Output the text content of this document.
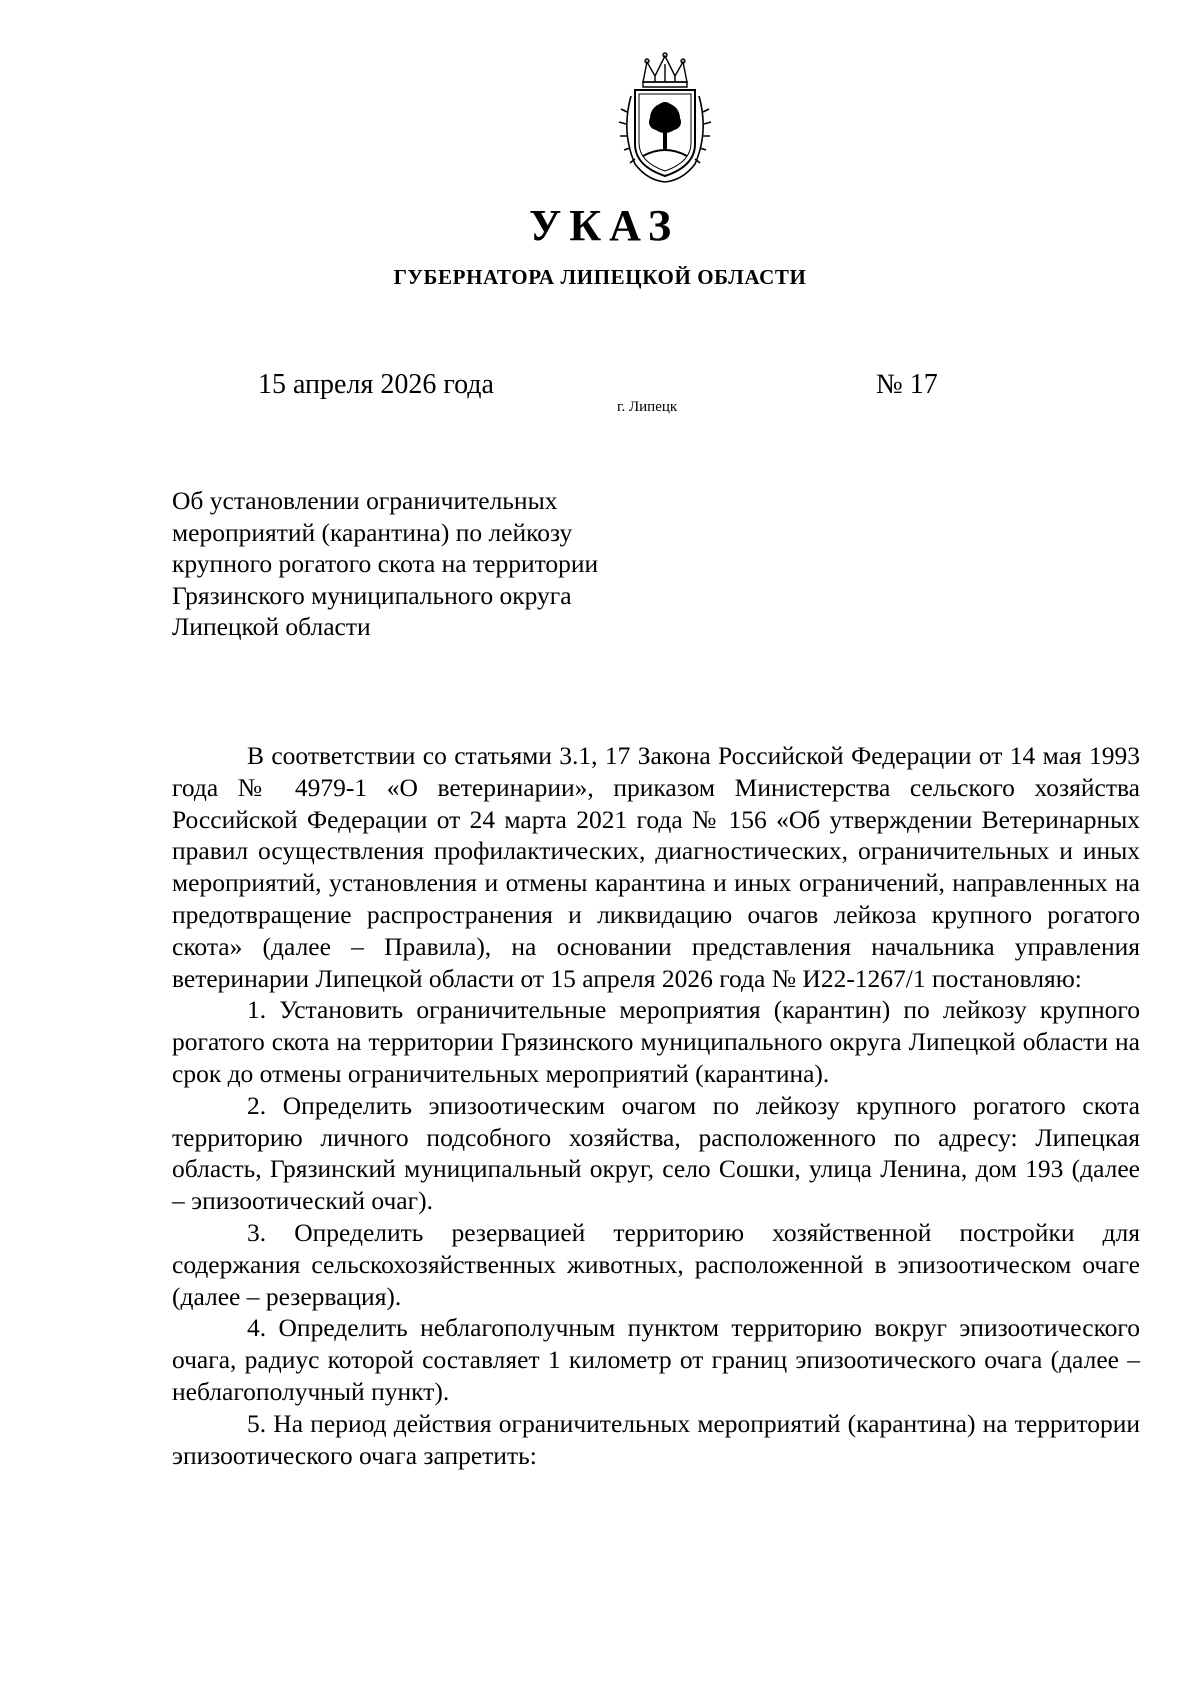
УКАЗ
ГУБЕРНАТОРА ЛИПЕЦКОЙ ОБЛАСТИ
15 апреля 2026 года
г. Липецк
№ 17
Об установлении ограничительных
мероприятий (карантина) по лейкозу
крупного рогатого скота на территории
Грязинского муниципального округа
Липецкой области

В соответствии со статьями 3.1, 17 Закона Российской Федерации от 14 мая 1993 года № 4979-1 «О ветеринарии», приказом Министерства сельского хозяйства Российской Федерации от 24 марта 2021 года № 156 «Об утверждении Ветеринарных правил осуществления профилактических, диагностических, ограничительных и иных мероприятий, установления и отмены карантина и иных ограничений, направленных на предотвращение распространения и ликвидацию очагов лейкоза крупного рогатого скота» (далее – Правила), на основании представления начальника управления ветеринарии Липецкой области от 15 апреля 2026 года № И22-1267/1 постановляю:

1. Установить ограничительные мероприятия (карантин) по лейкозу крупного рогатого скота на территории Грязинского муниципального округа Липецкой области на срок до отмены ограничительных мероприятий (карантина).

2. Определить эпизоотическим очагом по лейкозу крупного рогатого скота территорию личного подсобного хозяйства, расположенного по адресу: Липецкая область, Грязинский муниципальный округ, село Сошки, улица Ленина, дом 193 (далее – эпизоотический очаг).

3. Определить резервацией территорию хозяйственной постройки для содержания сельскохозяйственных животных, расположенной в эпизоотическом очаге (далее – резервация).

4. Определить неблагополучным пунктом территорию вокруг эпизоотического очага, радиус которой составляет 1 километр от границ эпизоотического очага (далее – неблагополучный пункт).

5. На период действия ограничительных мероприятий (карантина) на территории эпизоотического очага запретить:
